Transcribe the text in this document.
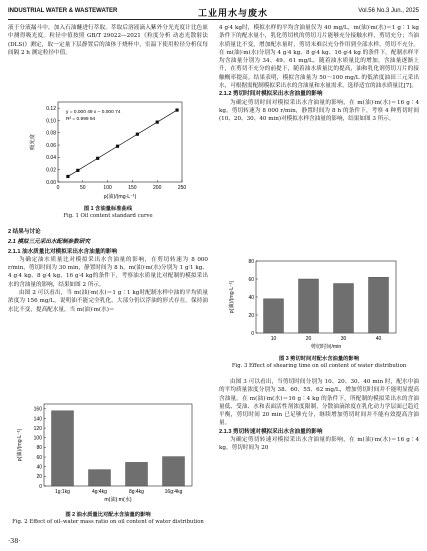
INDUSTRIAL WATER & WASTEWATER	工业用水与废水	Vol.56 No.3 Jun., 2025

液于分液漏斗中，加入石油醚进行萃取。萃取后溶液滴入紫外分光光度计比色皿中测得吸光度。粒径中值按照 GB/T 29022—2021《粒度分析 动态光散射法(DLS)》测定，取一定量下层静置后的油体于烧杯中，室温下使用粒径分析仪每间隔 2 h 测定粒径中值。

0	50	100	150	200	250
0.00
0.02
0.04
0.06
0.08
0.10
0.12
y = 0.000 49 x − 0.000 74
R² = 0.999 94
ρ(油)/(mg·L⁻¹)
吸光度
图 1 含油量标准曲线
Fig. 1 Oil content standard curve
2 结果与讨论
2.1 模拟三元采出水配制参数研究
2.1.1 油水质量比对模拟采出水含油量的影响

为确定油水质量比对模拟采出水含油量的影响，在剪切转速为 8 000 r/min，剪切时间为 30 min，静置时间为 8 h，m(油)∶m(水)分别为 1 g∶1 kg、4 g∶4 kg、8 g∶4 kg、16 g∶4 kg的条件下，考察油水质量比对配制的模拟采出水的含油量的影响，结果如图 2 所示。

由图 2 可以看出，当 m(油)∶m(水)＝1 g∶1 kg时配制水样中油的平均质量浓度为 156 mg/L，说明油不能完全乳化，大部分仍以浮油的形式存在。保持油水比不变，提高配水量，当 m(油)∶m(水)＝

0
20
40
60
80
100
120
140
160
1g∶1kg	4g∶4kg	8g∶4kg	16g∶4kg
m(油)∶m(水)
ρ(油)/(mg·L⁻¹)
图 2 油水质量比对配水含油量的影响
Fig. 2 Effect of oil–water mass ratio on oil content of water distribution

4 g∶4 kg时，模拟水样的平均含油量仅为 40 mg/L，m(油)∶m(水)＝1 g∶1 kg 条件下的配水量小，乳化剪切机的剪切刀片能够充分接触水样，剪切充分；当油水质量比不变，增加配水量时，剪切未难以充分作用到全部水样，剪切不充分。在 m(油)∶m(水)分别为 4 g∶4 kg、8 g∶4 kg、16 g∶4 kg 的条件下，配制水样平均含油量分别为 34、49、61 mg/L，随着油水质量比的增加，含油量逐渐上升，在剪切不充分的前提下，随着油水质量比的提高，油和乳化剂剪切刀片的接触概率提高。结果表明，模拟含油量为 50～100 mg/L 的低浓度油田三元采出水，可根据需配制模拟采出水的含油量和水量需求，选择适宜的油水质量比[7]。

2.1.2 剪切时间对模拟采出水含油量的影响

为确定剪切时间对模拟采出水含油量的影响，在 m(油)∶m(水)＝16 g∶4 kg，剪切转速为 8 000 r/min，静置时间为 8 h 的条件下，考察 4 种剪切时间(10、20、30、40 min)对模拟水样含油量的影响，结果如图 3 所示。

0
20
40
60
80
10	20	30	40
剪切时间/min
ρ(油)/(mg·L⁻¹)
图 3 剪切时间对配水含油量的影响
Fig. 3 Effect of shearing time on oil content of water distribution

由图 3 可以看出，当剪切时间分别为 10、20、30、40 min 时，配水中油的平均质量浓度分别为 38、60、55、62 mg/L，增加剪切时间并不能明显提高含油量。在 m(油)∶m(水)＝16 g∶4 kg 的条件下，所配制的模拟采出水的含油量低、受油、水和表面活性剂浓度限制，分散油滴浓度在乳化动力学层面已趋近平衡，剪切时间 20 min 已足够充分，继续增加剪切时间并不能有效提高含油量。

2.1.3 剪切转速对模拟采出水含油量的影响

为确定剪切转速对模拟采出水含油量的影响，在 m(油)∶m(水)＝16 g∶4 kg，剪切时间为 20

·38·
